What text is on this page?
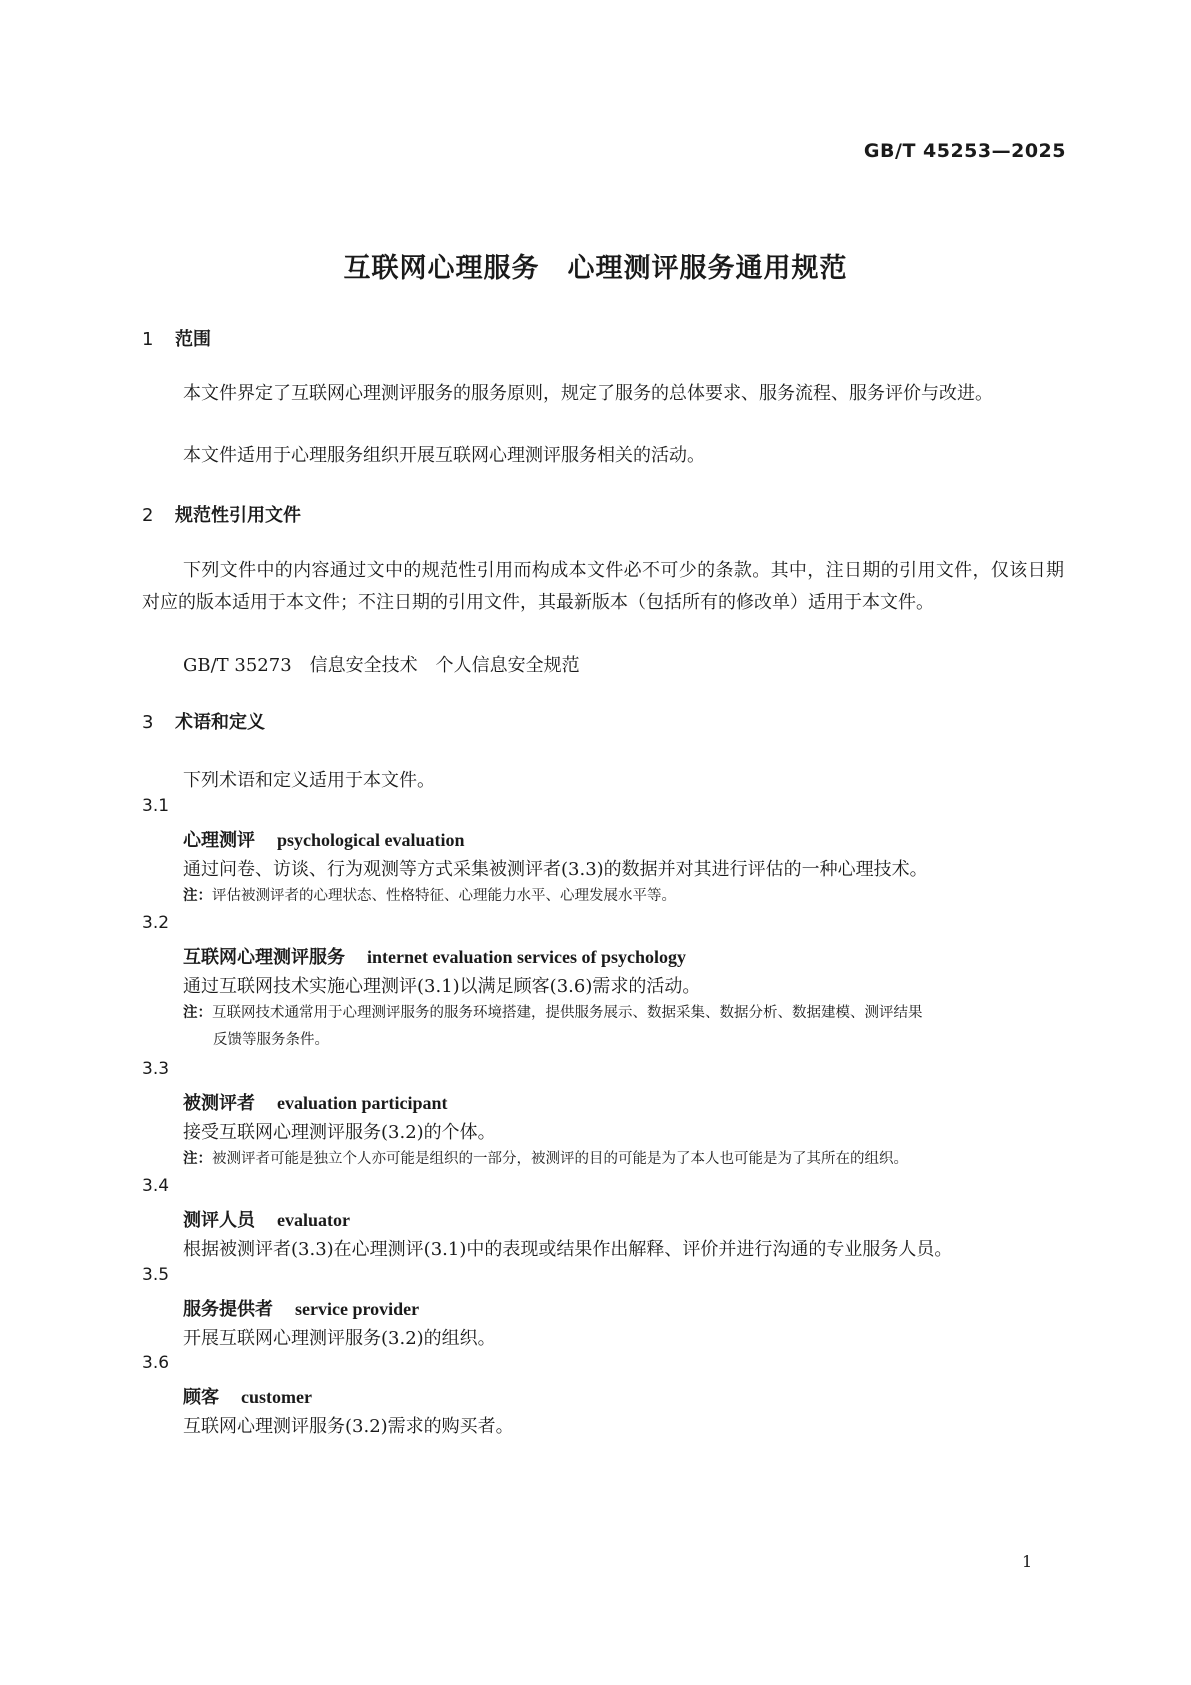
GB/T 45253—2025
互联网心理服务　心理测评服务通用规范
1 范围
本文件界定了互联网心理测评服务的服务原则，规定了服务的总体要求、服务流程、服务评价与改进。
本文件适用于心理服务组织开展互联网心理测评服务相关的活动。
2 规范性引用文件
下列文件中的内容通过文中的规范性引用而构成本文件必不可少的条款。其中，注日期的引用文件，仅该日期对应的版本适用于本文件；不注日期的引用文件，其最新版本（包括所有的修改单）适用于本文件。
GB/T 35273　信息安全技术　个人信息安全规范
3 术语和定义
下列术语和定义适用于本文件。
3.1
心理测评 psychological evaluation
通过问卷、访谈、行为观测等方式采集被测评者(3.3)的数据并对其进行评估的一种心理技术。
注：评估被测评者的心理状态、性格特征、心理能力水平、心理发展水平等。
3.2
互联网心理测评服务 internet evaluation services of psychology
通过互联网技术实施心理测评(3.1)以满足顾客(3.6)需求的活动。
注：互联网技术通常用于心理测评服务的服务环境搭建，提供服务展示、数据采集、数据分析、数据建模、测评结果
反馈等服务条件。
3.3
被测评者 evaluation participant
接受互联网心理测评服务(3.2)的个体。
注：被测评者可能是独立个人亦可能是组织的一部分，被测评的目的可能是为了本人也可能是为了其所在的组织。
3.4
测评人员 evaluator
根据被测评者(3.3)在心理测评(3.1)中的表现或结果作出解释、评价并进行沟通的专业服务人员。
3.5
服务提供者 service provider
开展互联网心理测评服务(3.2)的组织。
3.6
顾客 customer
互联网心理测评服务(3.2)需求的购买者。
1
